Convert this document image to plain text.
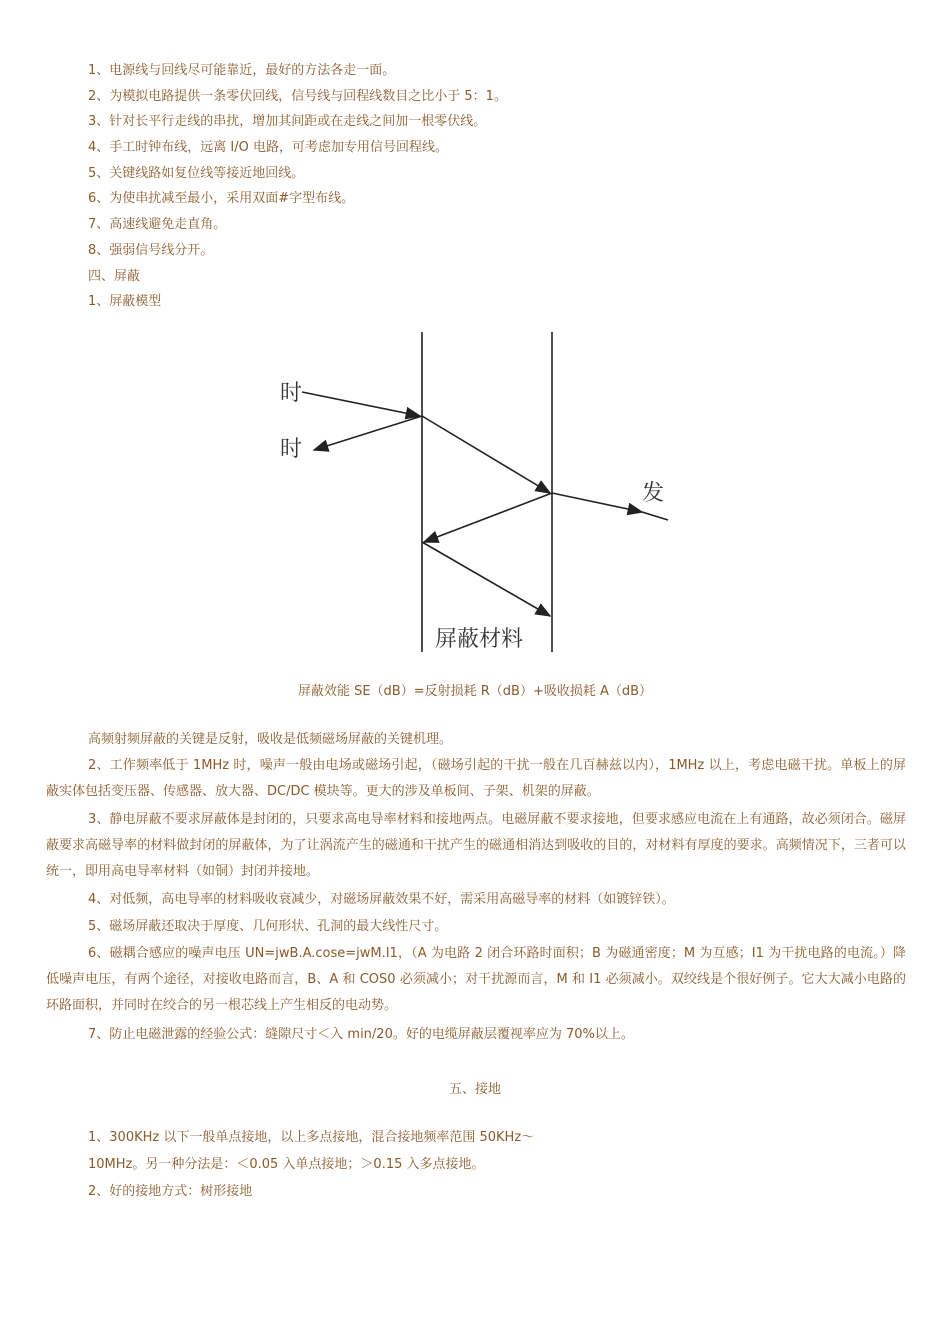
1、电源线与回线尽可能靠近，最好的方法各走一面。
2、为模拟电路提供一条零伏回线，信号线与回程线数目之比小于 5：1。
3、针对长平行走线的串扰，增加其间距或在走线之间加一根零伏线。
4、手工时钟布线，远离 I/O 电路，可考虑加专用信号回程线。
5、关键线路如复位线等接近地回线。
6、为使串扰减至最小，采用双面#字型布线。
7、高速线避免走直角。
8、强弱信号线分开。
四、屏蔽
1、屏蔽模型
时
时
发
屏蔽材料
屏蔽效能 SE（dB）=反射损耗 R（dB）+吸收损耗 A（dB）
高频射频屏蔽的关键是反射，吸收是低频磁场屏蔽的关键机理。
2、工作频率低于 1MHz 时，噪声一般由电场或磁场引起，（磁场引起的干扰一般在几百赫兹以内），1MHz 以上，考虑电磁干扰。单板上的屏蔽实体包括变压器、传感器、放大器、DC/DC 模块等。更大的涉及单板间、子架、机架的屏蔽。
3、静电屏蔽不要求屏蔽体是封闭的，只要求高电导率材料和接地两点。电磁屏蔽不要求接地，但要求感应电流在上有通路，故必须闭合。磁屏蔽要求高磁导率的材料做封闭的屏蔽体，为了让涡流产生的磁通和干扰产生的磁通相消达到吸收的目的，对材料有厚度的要求。高频情况下，三者可以统一，即用高电导率材料（如铜）封闭并接地。
4、对低频，高电导率的材料吸收衰减少，对磁场屏蔽效果不好，需采用高磁导率的材料（如镀锌铁）。
5、磁场屏蔽还取决于厚度、几何形状、孔洞的最大线性尺寸。
6、磁耦合感应的噪声电压 UN=jwB.A.cose=jwM.I1，（A 为电路 2 闭合环路时面积；B 为磁通密度；M 为互感；I1 为干扰电路的电流。）降低噪声电压，有两个途径，对接收电路而言，B、A 和 COS0 必须减小；对干扰源而言，M 和 I1 必须减小。双绞线是个很好例子。它大大减小电路的环路面积，并同时在绞合的另一根芯线上产生相反的电动势。
7、防止电磁泄露的经验公式：缝隙尺寸＜入 min/20。好的电缆屏蔽层覆视率应为 70%以上。
五、接地
1、300KHz 以下一般单点接地，以上多点接地，混合接地频率范围 50KHz～
10MHz。另一种分法是：＜0.05 入单点接地；＞0.15 入多点接地。
2、好的接地方式：树形接地
